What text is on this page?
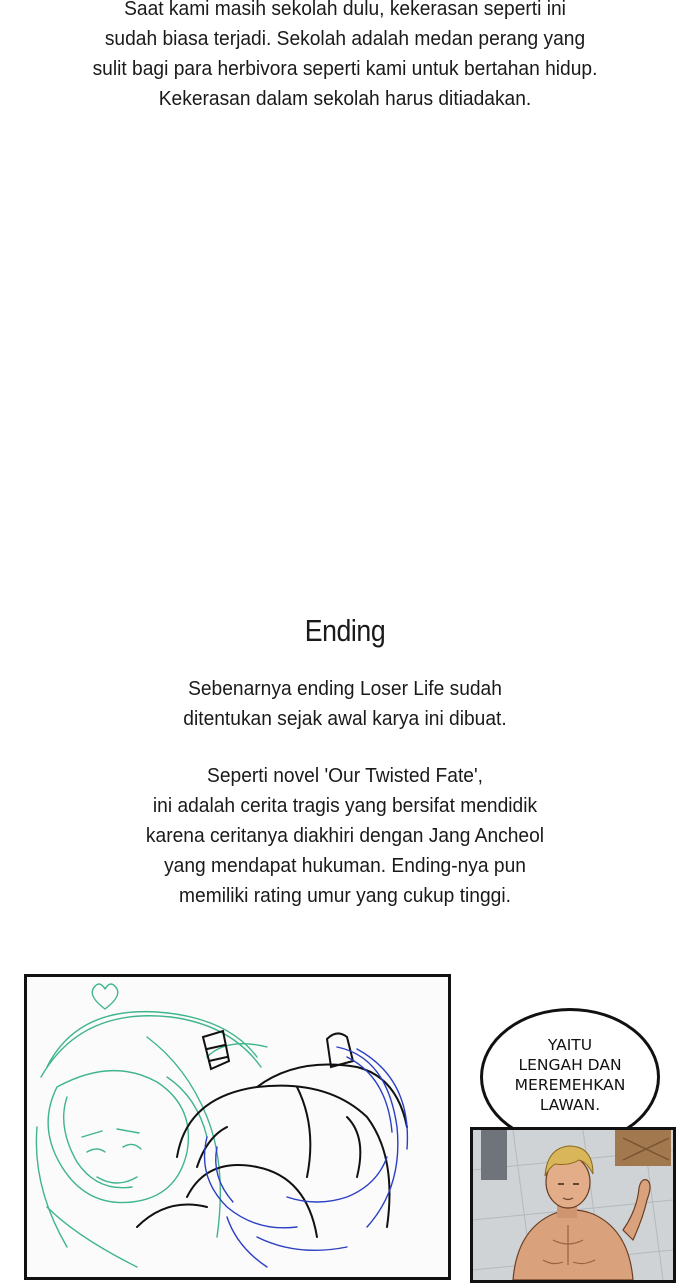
Saat kami masih sekolah dulu, kekerasan seperti ini
sudah biasa terjadi. Sekolah adalah medan perang yang
sulit bagi para herbivora seperti kami untuk bertahan hidup.
Kekerasan dalam sekolah harus ditiadakan.
Ending
Sebenarnya ending Loser Life sudah
ditentukan sejak awal karya ini dibuat.
Seperti novel 'Our Twisted Fate',
ini adalah cerita tragis yang bersifat mendidik
karena ceritanya diakhiri dengan Jang Ancheol
yang mendapat hukuman. Ending-nya pun
memiliki rating umur yang cukup tinggi.
YAITU
LENGAH DAN
MEREMEHKAN
LAWAN.
